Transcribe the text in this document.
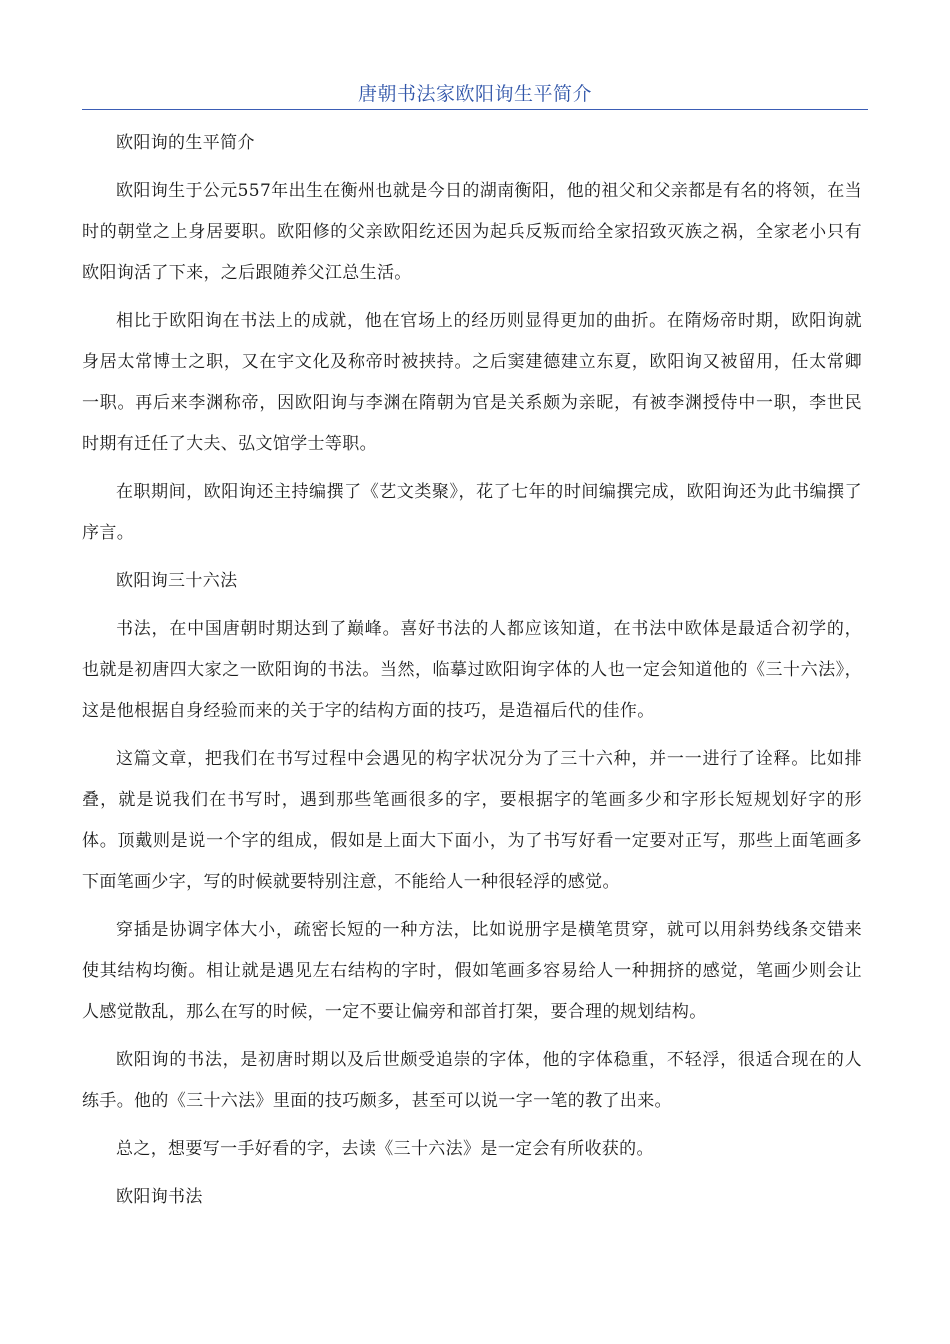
唐朝书法家欧阳询生平简介

欧阳询的生平简介

欧阳询生于公元557年出生在衡州也就是今日的湖南衡阳，他的祖父和父亲都是有名的将领，在当时的朝堂之上身居要职。欧阳修的父亲欧阳纥还因为起兵反叛而给全家招致灭族之祸，全家老小只有欧阳询活了下来，之后跟随养父江总生活。

相比于欧阳询在书法上的成就，他在官场上的经历则显得更加的曲折。在隋炀帝时期，欧阳询就身居太常博士之职，又在宇文化及称帝时被挟持。之后窦建德建立东夏，欧阳询又被留用，任太常卿一职。再后来李渊称帝，因欧阳询与李渊在隋朝为官是关系颇为亲昵，有被李渊授侍中一职，李世民时期有迁任了大夫、弘文馆学士等职。

在职期间，欧阳询还主持编撰了《艺文类聚》，花了七年的时间编撰完成，欧阳询还为此书编撰了序言。

欧阳询三十六法

书法，在中国唐朝时期达到了巅峰。喜好书法的人都应该知道，在书法中欧体是最适合初学的，也就是初唐四大家之一欧阳询的书法。当然，临摹过欧阳询字体的人也一定会知道他的《三十六法》，这是他根据自身经验而来的关于字的结构方面的技巧，是造福后代的佳作。

这篇文章，把我们在书写过程中会遇见的构字状况分为了三十六种，并一一进行了诠释。比如排叠，就是说我们在书写时，遇到那些笔画很多的字，要根据字的笔画多少和字形长短规划好字的形体。顶戴则是说一个字的组成，假如是上面大下面小，为了书写好看一定要对正写，那些上面笔画多下面笔画少字，写的时候就要特别注意，不能给人一种很轻浮的感觉。

穿插是协调字体大小，疏密长短的一种方法，比如说册字是横笔贯穿，就可以用斜势线条交错来使其结构均衡。相让就是遇见左右结构的字时，假如笔画多容易给人一种拥挤的感觉，笔画少则会让人感觉散乱，那么在写的时候，一定不要让偏旁和部首打架，要合理的规划结构。

欧阳询的书法，是初唐时期以及后世颇受追崇的字体，他的字体稳重，不轻浮，很适合现在的人练手。他的《三十六法》里面的技巧颇多，甚至可以说一字一笔的教了出来。

总之，想要写一手好看的字，去读《三十六法》是一定会有所收获的。

欧阳询书法
